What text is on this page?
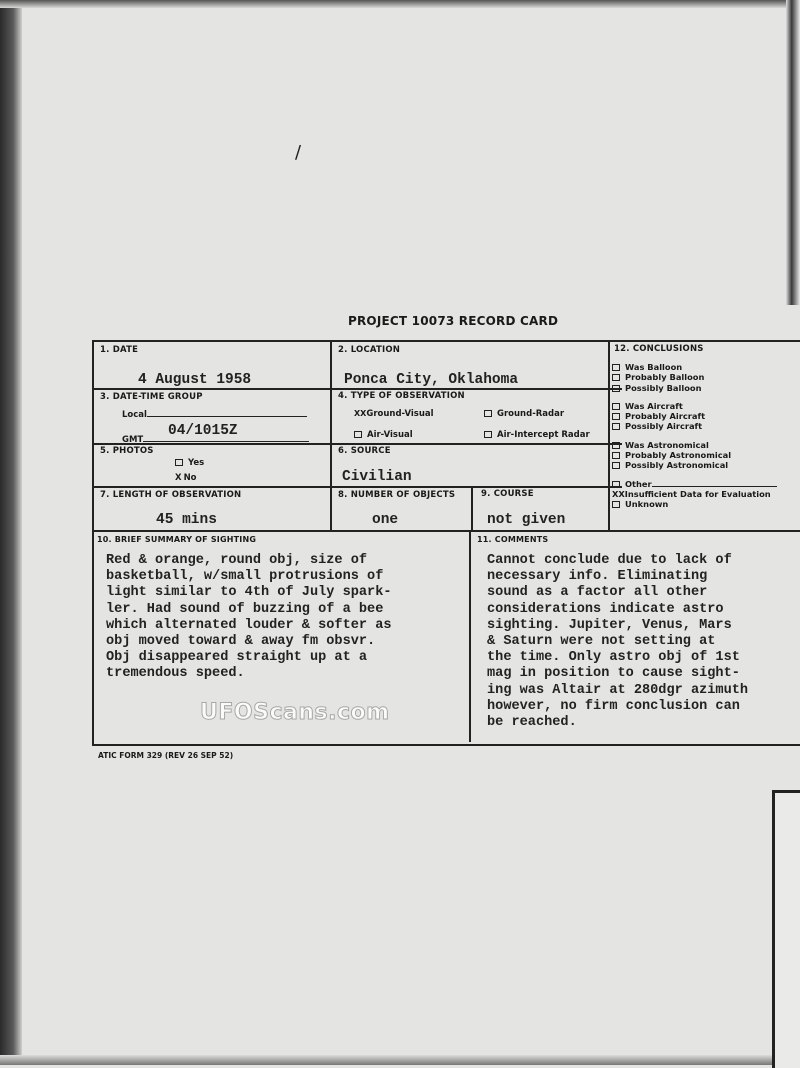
/
PROJECT 10073 RECORD CARD
1. DATE
4 August 1958
2. LOCATION
Ponca City, Oklahoma
3. DATE-TIME GROUP
Local
GMT
04/1015Z
4. TYPE OF OBSERVATION
XXGround-Visual	Ground-Radar
Air-Visual	Air-Intercept Radar
5. PHOTOS
Yes
X No
6. SOURCE
Civilian
7. LENGTH OF OBSERVATION
45 mins
8. NUMBER OF OBJECTS
one
9. COURSE
not given
10. BRIEF SUMMARY OF SIGHTING
Red & orange, round obj, size of
basketball, w/small protrusions of
light similar to 4th of July spark-
ler. Had sound of buzzing of a bee
which alternated louder & softer as
obj moved toward & away fm obsvr.
Obj disappeared straight up at a
tremendous speed.
11. COMMENTS
Cannot conclude due to lack of
necessary info. Eliminating
sound as a factor all other
considerations indicate astro
sighting. Jupiter, Venus, Mars
& Saturn were not setting at
the time. Only astro obj of 1st
mag in position to cause sight-
ing was Altair at 280dgr azimuth
however, no firm conclusion can
be reached.
12. CONCLUSIONS
Was Balloon
Probably Balloon
Possibly Balloon
Was Aircraft
Probably Aircraft
Possibly Aircraft
Was Astronomical
Probably Astronomical
Possibly Astronomical
Other
XXInsufficient Data for Evaluation
Unknown
ATIC FORM 329 (REV 26 SEP 52)
UFOScans.com
